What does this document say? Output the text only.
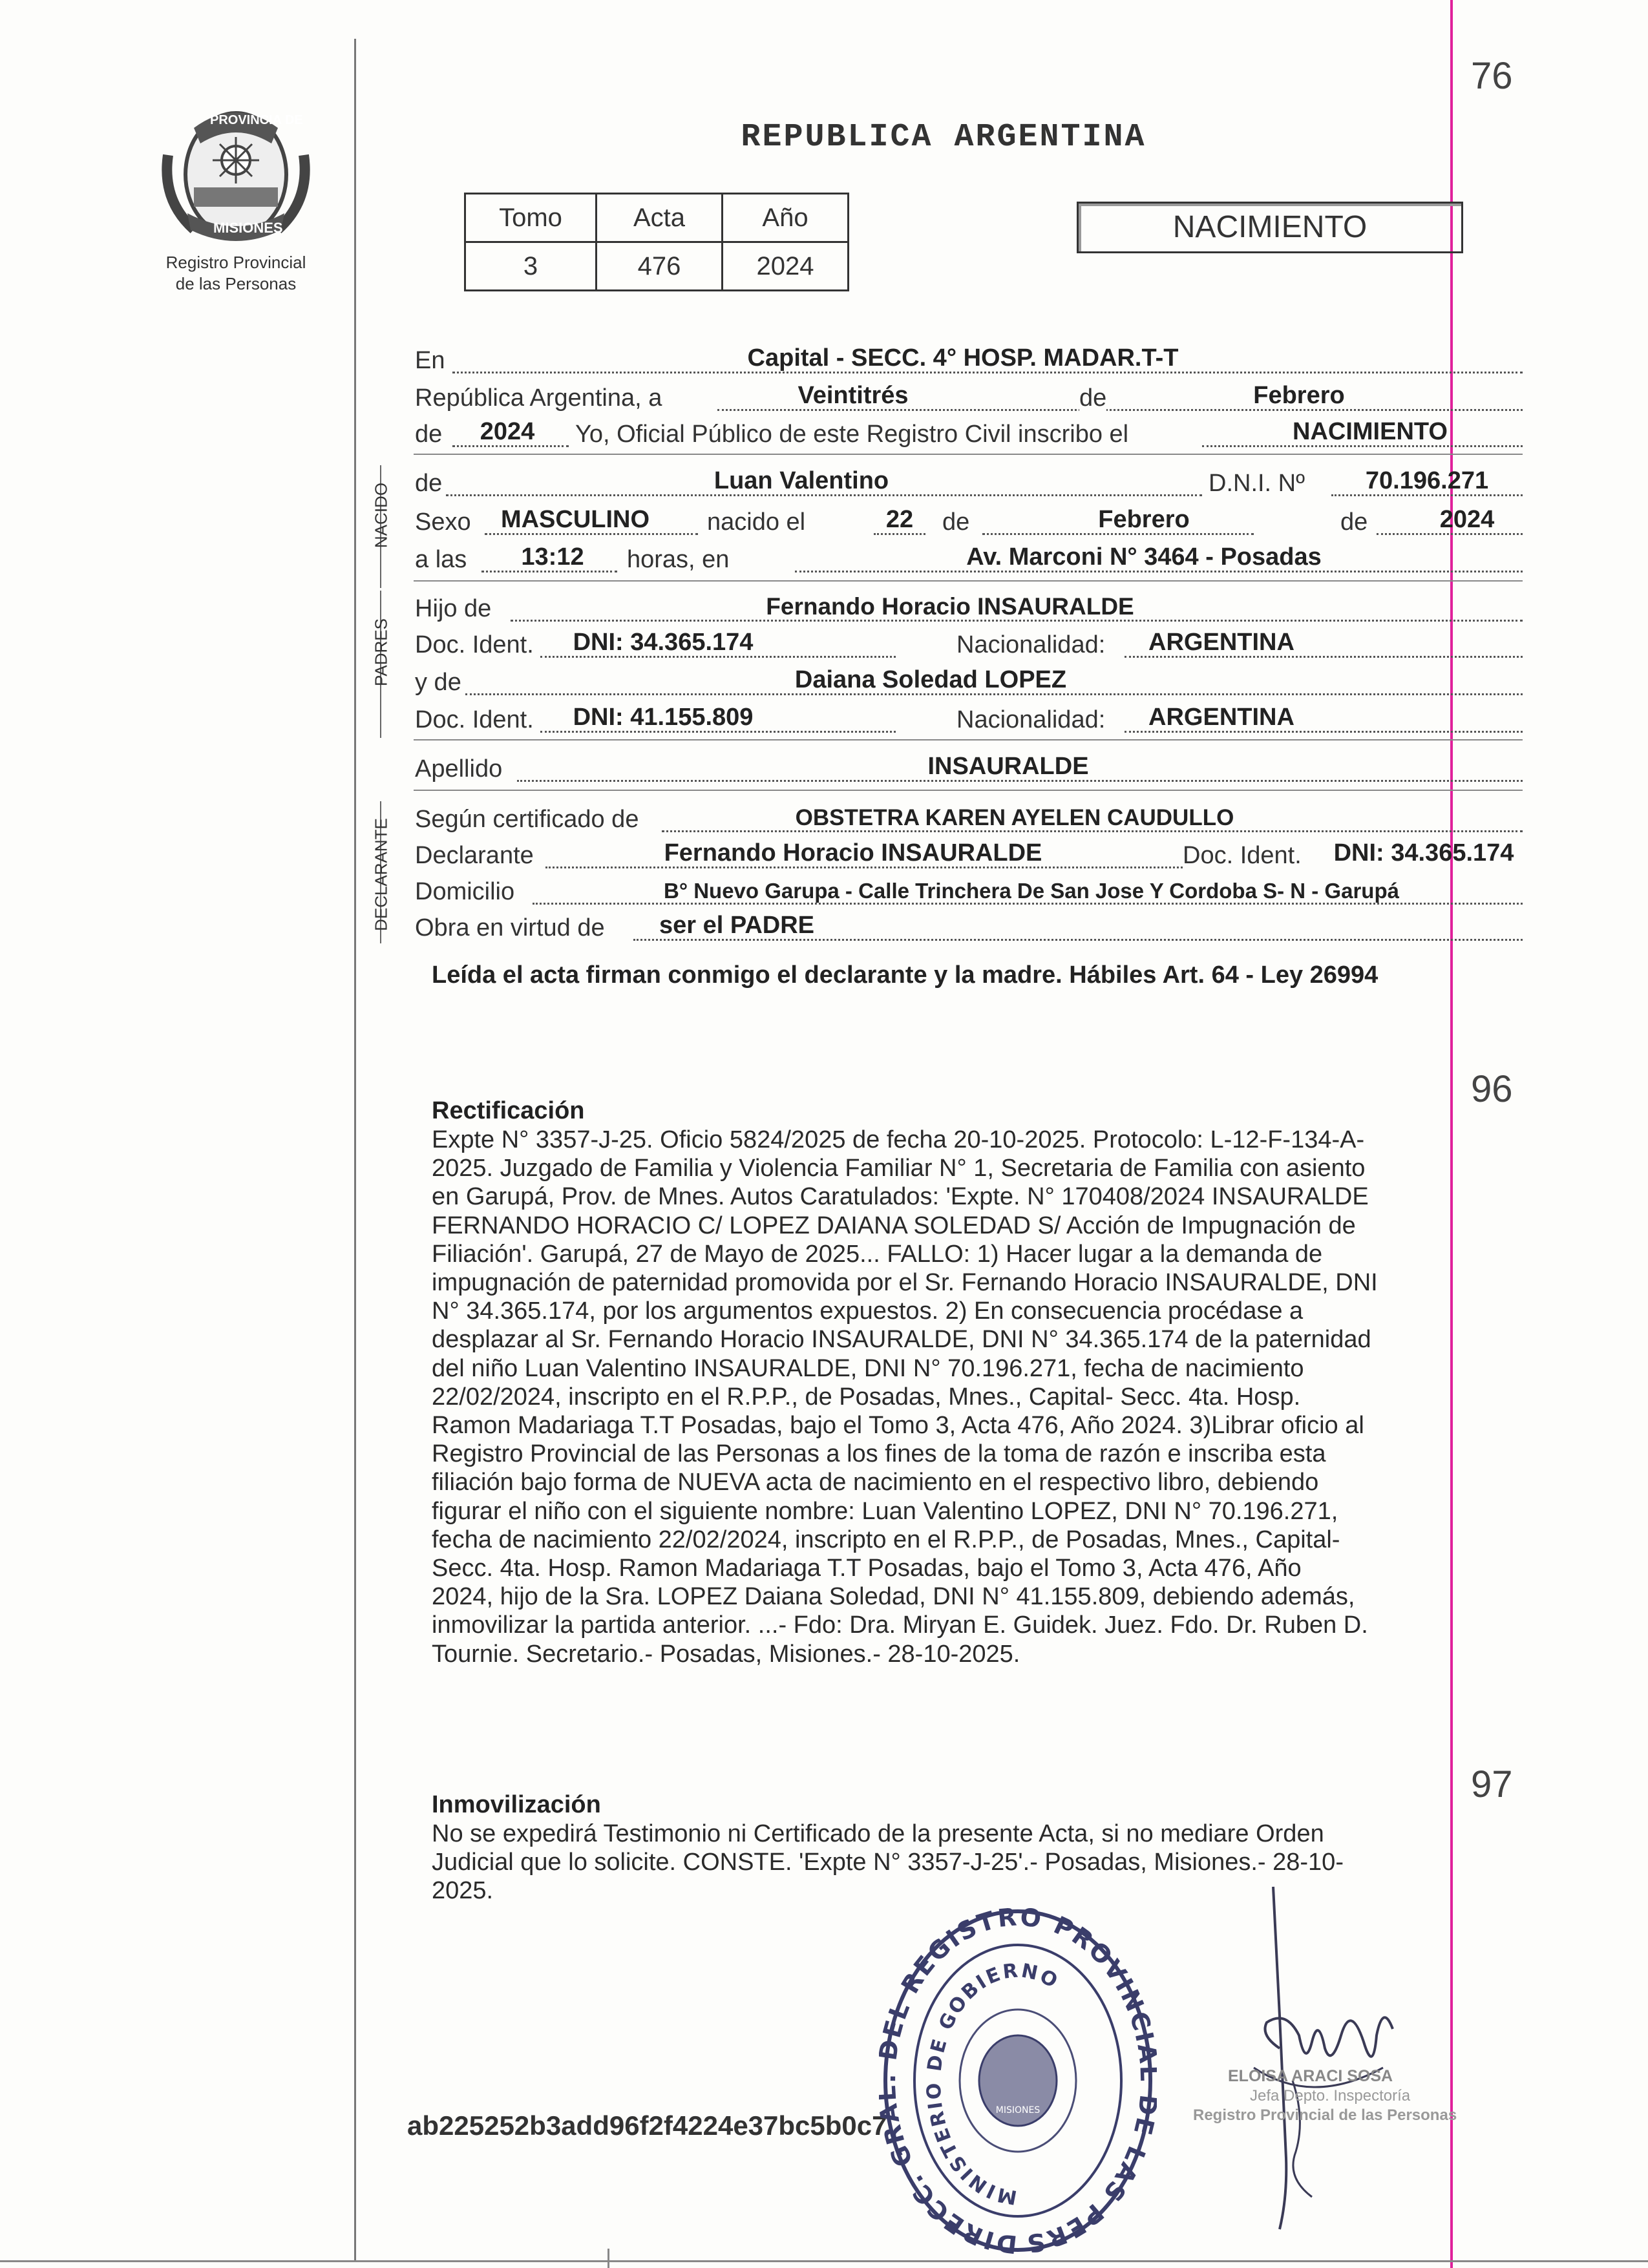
PROVINCIA DE
MISIONES
Registro Provincial
de las Personas
REPUBLICA ARGENTINA
76
Tomo	Acta	Año
3	476	2024
NACIMIENTO
En	Capital - SECC. 4° HOSP. MADAR.T-T
República Argentina, a	Veintitrés	de	Febrero
de	2024	Yo, Oficial Público de este Registro Civil inscribo el	NACIMIENTO
NACIDO de	Luan Valentino	D.N.I. Nº	70.196.271
Sexo	MASCULINO	nacido el	22	de	Febrero	de	2024
a las	13:12	horas, en	Av. Marconi N° 3464 - Posadas
PADRES
Hijo de	Fernando Horacio INSAURALDE
Doc. Ident.	DNI: 34.365.174	Nacionalidad:	ARGENTINA
y de	Daiana Soledad LOPEZ
Doc. Ident.	DNI: 41.155.809	Nacionalidad:	ARGENTINA
Apellido	INSAURALDE
DECLARANTE Según certificado de	OBSTETRA KAREN AYELEN CAUDULLO
Declarante	Fernando Horacio INSAURALDE	Doc. Ident.	DNI: 34.365.174
Domicilio	B° Nuevo Garupa - Calle Trinchera De San Jose Y Cordoba S- N - Garupá
Obra en virtud de	ser el PADRE
Leída el acta firman conmigo el declarante y la madre. Hábiles Art. 64 - Ley 26994
96
Rectificación
Expte N° 3357-J-25. Oficio 5824/2025 de fecha 20-10-2025. Protocolo: L-12-F-134-A-
2025. Juzgado de Familia y Violencia Familiar N° 1, Secretaria de Familia con asiento
en Garupá, Prov. de Mnes. Autos Caratulados: 'Expte. N° 170408/2024 INSAURALDE
FERNANDO HORACIO C/ LOPEZ DAIANA SOLEDAD S/ Acción de Impugnación de
Filiación'. Garupá, 27 de Mayo de 2025... FALLO: 1) Hacer lugar a la demanda de
impugnación de paternidad promovida por el Sr. Fernando Horacio INSAURALDE, DNI
N° 34.365.174, por los argumentos expuestos. 2) En consecuencia procédase a
desplazar al Sr. Fernando Horacio INSAURALDE, DNI N° 34.365.174 de la paternidad
del niño Luan Valentino INSAURALDE, DNI N° 70.196.271, fecha de nacimiento
22/02/2024, inscripto en el R.P.P., de Posadas, Mnes., Capital- Secc. 4ta. Hosp.
Ramon Madariaga T.T Posadas, bajo el Tomo 3, Acta 476, Año 2024. 3)Librar oficio al
Registro Provincial de las Personas a los fines de la toma de razón e inscriba esta
filiación bajo forma de NUEVA acta de nacimiento en el respectivo libro, debiendo
figurar el niño con el siguiente nombre: Luan Valentino LOPEZ, DNI N° 70.196.271,
fecha de nacimiento 22/02/2024, inscripto en el R.P.P., de Posadas, Mnes., Capital-
Secc. 4ta. Hosp. Ramon Madariaga T.T Posadas, bajo el Tomo 3, Acta 476, Año
2024, hijo de la Sra. LOPEZ Daiana Soledad, DNI N° 41.155.809, debiendo además,
inmovilizar la partida anterior. ...- Fdo: Dra. Miryan E. Guidek. Juez. Fdo. Dr. Ruben D.
Tournie. Secretario.- Posadas, Misiones.- 28-10-2025.
97
Inmovilización
No se expedirá Testimonio ni Certificado de la presente Acta, si no mediare Orden
Judicial que lo solicite. CONSTE. 'Expte N° 3357-J-25'.- Posadas, Misiones.- 28-10-
2025.
ab225252b3add96f2f4224e37bc5b0c7
DIRECC. GR EL REGISTRO PROVINCI E LAS PERS
MINISTERIO DE GOBIERNO
MISIONES
ELOISA ARACI SOSA
Jefa Depto. Inspectoría
Registro Provincial de las Personas
